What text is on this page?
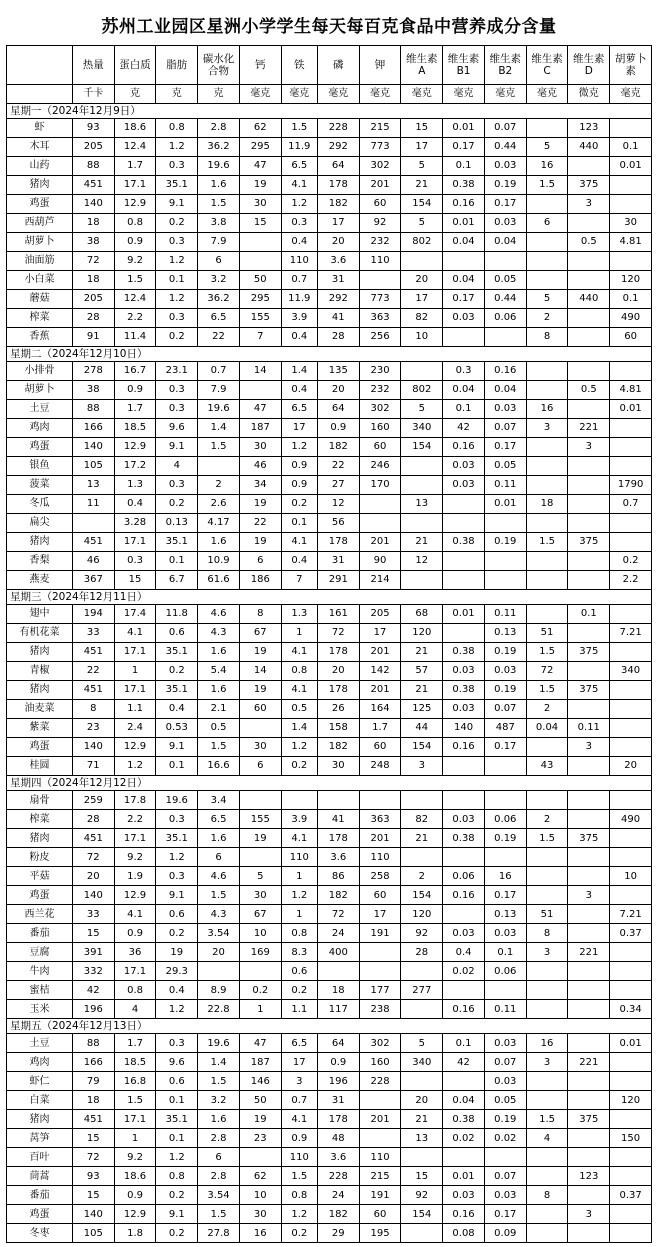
苏州工业园区星洲小学学生每天每百克食品中营养成分含量
	热量	蛋白质	脂肪	碳水化合物	钙	铁	磷	钾	维生素A	维生素B1	维生素B2	维生素C	维生素D	胡萝卜素
	千卡	克	克	克	毫克	毫克	毫克	毫克	毫克	毫克	毫克	毫克	微克	毫克
星期一（2024年12月9日）														
虾	93	18.6	0.8	2.8	62	1.5	228	215	15	0.01	0.07		123	
木耳	205	12.4	1.2	36.2	295	11.9	292	773	17	0.17	0.44	5	440	0.1
山药	88	1.7	0.3	19.6	47	6.5	64	302	5	0.1	0.03	16		0.01
猪肉	451	17.1	35.1	1.6	19	4.1	178	201	21	0.38	0.19	1.5	375	
鸡蛋	140	12.9	9.1	1.5	30	1.2	182	60	154	0.16	0.17		3	
西葫芦	18	0.8	0.2	3.8	15	0.3	17	92	5	0.01	0.03	6		30
胡萝卜	38	0.9	0.3	7.9		0.4	20	232	802	0.04	0.04		0.5	4.81
油面筋	72	9.2	1.2	6		110	3.6	110						
小白菜	18	1.5	0.1	3.2	50	0.7	31		20	0.04	0.05			120
蘑菇	205	12.4	1.2	36.2	295	11.9	292	773	17	0.17	0.44	5	440	0.1
榨菜	28	2.2	0.3	6.5	155	3.9	41	363	82	0.03	0.06	2		490
香蕉	91	11.4	0.2	22	7	0.4	28	256	10			8		60
星期二（2024年12月10日）														
小排骨	278	16.7	23.1	0.7	14	1.4	135	230		0.3	0.16			
胡萝卜	38	0.9	0.3	7.9		0.4	20	232	802	0.04	0.04		0.5	4.81
土豆	88	1.7	0.3	19.6	47	6.5	64	302	5	0.1	0.03	16		0.01
鸡肉	166	18.5	9.6	1.4	187	17	0.9	160	340	42	0.07	3	221	
鸡蛋	140	12.9	9.1	1.5	30	1.2	182	60	154	0.16	0.17		3	
银鱼	105	17.2	4		46	0.9	22	246		0.03	0.05			
菠菜	13	1.3	0.3	2	34	0.9	27	170		0.03	0.11			1790
冬瓜	11	0.4	0.2	2.6	19	0.2	12		13		0.01	18		0.7
扁尖		3.28	0.13	4.17	22	0.1	56							
猪肉	451	17.1	35.1	1.6	19	4.1	178	201	21	0.38	0.19	1.5	375	
香梨	46	0.3	0.1	10.9	6	0.4	31	90	12					0.2
燕麦	367	15	6.7	61.6	186	7	291	214						2.2
星期三（2024年12月11日）														
翅中	194	17.4	11.8	4.6	8	1.3	161	205	68	0.01	0.11		0.1	
有机花菜	33	4.1	0.6	4.3	67	1	72	17	120		0.13	51		7.21
猪肉	451	17.1	35.1	1.6	19	4.1	178	201	21	0.38	0.19	1.5	375	
青椒	22	1	0.2	5.4	14	0.8	20	142	57	0.03	0.03	72		340
猪肉	451	17.1	35.1	1.6	19	4.1	178	201	21	0.38	0.19	1.5	375	
油麦菜	8	1.1	0.4	2.1	60	0.5	26	164	125	0.03	0.07	2		
紫菜	23	2.4	0.53	0.5		1.4	158	1.7	44	140	487	0.04	0.11	
鸡蛋	140	12.9	9.1	1.5	30	1.2	182	60	154	0.16	0.17		3	
桂圆	71	1.2	0.1	16.6	6	0.2	30	248	3			43		20
星期四（2024年12月12日）														
扇骨	259	17.8	19.6	3.4										
榨菜	28	2.2	0.3	6.5	155	3.9	41	363	82	0.03	0.06	2		490
猪肉	451	17.1	35.1	1.6	19	4.1	178	201	21	0.38	0.19	1.5	375	
粉皮	72	9.2	1.2	6		110	3.6	110						
平菇	20	1.9	0.3	4.6	5	1	86	258	2	0.06	16			10
鸡蛋	140	12.9	9.1	1.5	30	1.2	182	60	154	0.16	0.17		3	
西兰花	33	4.1	0.6	4.3	67	1	72	17	120		0.13	51		7.21
番茄	15	0.9	0.2	3.54	10	0.8	24	191	92	0.03	0.03	8		0.37
豆腐	391	36	19	20	169	8.3	400		28	0.4	0.1	3	221	
牛肉	332	17.1	29.3			0.6				0.02	0.06			
蜜桔	42	0.8	0.4	8.9	0.2	0.2	18	177	277					
玉米	196	4	1.2	22.8	1	1.1	117	238		0.16	0.11			0.34
星期五（2024年12月13日）														
土豆	88	1.7	0.3	19.6	47	6.5	64	302	5	0.1	0.03	16		0.01
鸡肉	166	18.5	9.6	1.4	187	17	0.9	160	340	42	0.07	3	221	
虾仁	79	16.8	0.6	1.5	146	3	196	228			0.03			
白菜	18	1.5	0.1	3.2	50	0.7	31		20	0.04	0.05			120
猪肉	451	17.1	35.1	1.6	19	4.1	178	201	21	0.38	0.19	1.5	375	
莴笋	15	1	0.1	2.8	23	0.9	48		13	0.02	0.02	4		150
百叶	72	9.2	1.2	6		110	3.6	110						
茼蒿	93	18.6	0.8	2.8	62	1.5	228	215	15	0.01	0.07		123	
番茄	15	0.9	0.2	3.54	10	0.8	24	191	92	0.03	0.03	8		0.37
鸡蛋	140	12.9	9.1	1.5	30	1.2	182	60	154	0.16	0.17		3	
冬枣	105	1.8	0.2	27.8	16	0.2	29	195		0.08	0.09			
